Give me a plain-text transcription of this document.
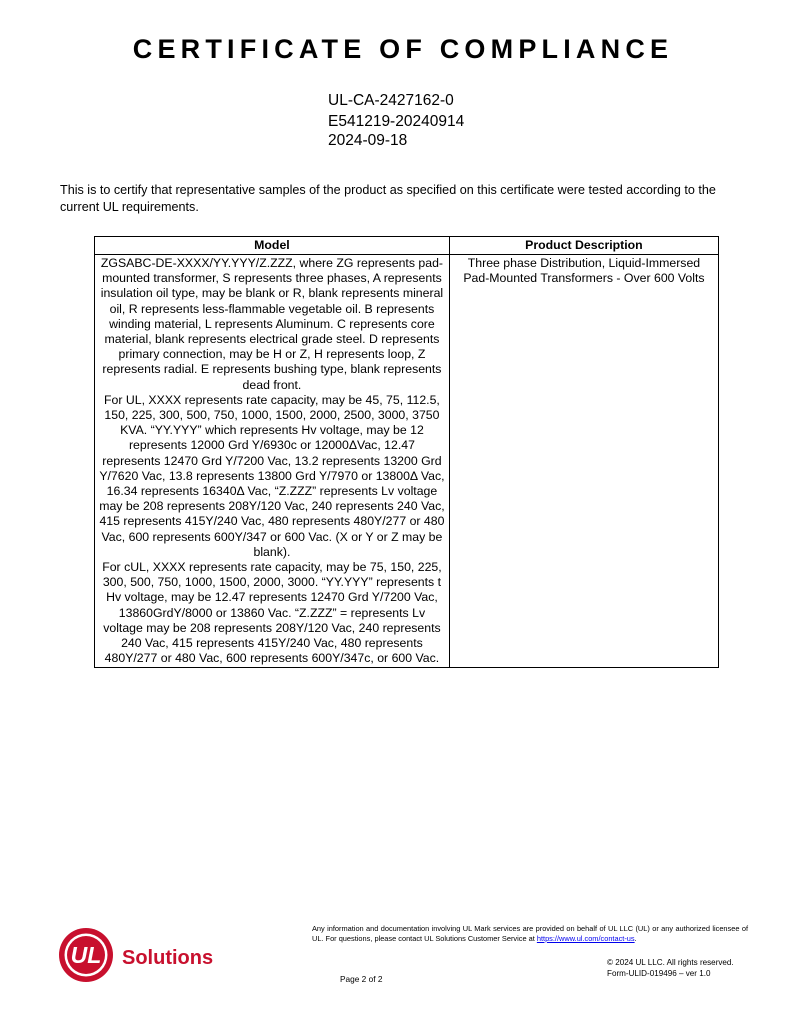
CERTIFICATE OF COMPLIANCE
UL-CA-2427162-0
E541219-20240914
2024-09-18
This is to certify that representative samples of the product as specified on this certificate were tested according to the current UL requirements.
Model	Product Description

ZGSABC-DE-XXXX/YY.YYY/Z.ZZZ, where ZG represents pad-mounted transformer, S represents three phases, A represents insulation oil type, may be blank or R, blank represents mineral oil, R represents less-flammable vegetable oil. B represents winding material, L represents Aluminum. C represents core material, blank represents electrical grade steel. D represents primary connection, may be H or Z, H represents loop, Z represents radial. E represents bushing type, blank represents dead front.
For UL, XXXX represents rate capacity, may be 45, 75, 112.5, 150, 225, 300, 500, 750, 1000, 1500, 2000, 2500, 3000, 3750 KVA. “YY.YYY” which represents Hv voltage, may be 12 represents 12000 Grd Y/6930c or 12000ΔVac, 12.47 represents 12470 Grd Y/7200 Vac, 13.2 represents 13200 Grd Y/7620 Vac, 13.8 represents 13800 Grd Y/7970 or 13800Δ Vac, 16.34 represents 16340Δ Vac, “Z.ZZZ” represents Lv voltage may be 208 represents 208Y/120 Vac, 240 represents 240 Vac, 415 represents 415Y/240 Vac, 480 represents 480Y/277 or 480 Vac, 600 represents 600Y/347 or 600 Vac. (X or Y or Z may be blank).
For cUL, XXXX represents rate capacity, may be 75, 150, 225, 300, 500, 750, 1000, 1500, 2000, 3000. “YY.YYY” represents t Hv voltage, may be 12.47 represents 12470 Grd Y/7200 Vac, 13860GrdY/8000 or 13860 Vac. “Z.ZZZ” = represents Lv voltage may be 208 represents 208Y/120 Vac, 240 represents 240 Vac, 415 represents 415Y/240 Vac, 480 represents 480Y/277 or 480 Vac, 600 represents 600Y/347c, or 600 Vac.	Three phase Distribution, Liquid-Immersed Pad-Mounted Transformers - Over 600 Volts
UL Solutions
Any information and documentation involving UL Mark services are provided on behalf of UL LLC (UL) or any authorized licensee of UL. For questions, please contact UL Solutions Customer Service at https://www.ul.com/contact-us.
© 2024 UL LLC. All rights reserved.
Form-ULID-019496 – ver 1.0
Page 2 of 2
